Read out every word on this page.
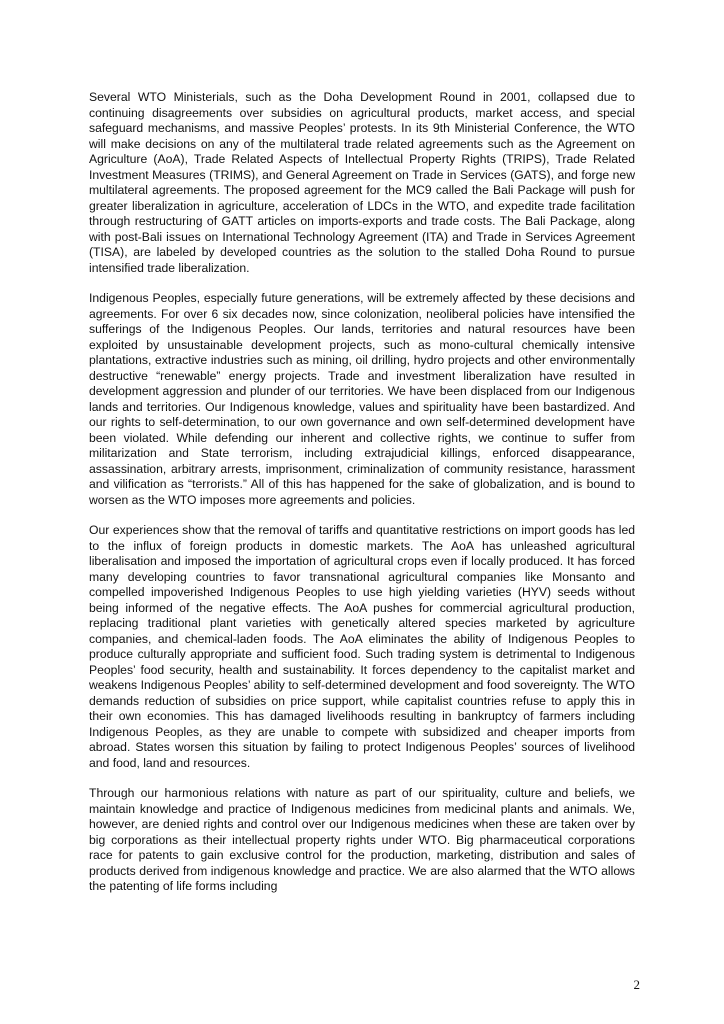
Several WTO Ministerials, such as the Doha Development Round in 2001, collapsed due to continuing disagreements over subsidies on agricultural products, market access, and special safeguard mechanisms, and massive Peoples’ protests. In its 9th Ministerial Conference, the WTO will make decisions on any of the multilateral trade related agreements such as the Agreement on Agriculture (AoA), Trade Related Aspects of Intellectual Property Rights (TRIPS), Trade Related Investment Measures (TRIMS), and General Agreement on Trade in Services (GATS), and forge new multilateral agreements. The proposed agreement for the MC9 called the Bali Package will push for greater liberalization in agriculture, acceleration of LDCs in the WTO, and expedite trade facilitation through restructuring of GATT articles on imports-exports and trade costs. The Bali Package, along with post-Bali issues on International Technology Agreement (ITA) and Trade in Services Agreement (TISA), are labeled by developed countries as the solution to the stalled Doha Round to pursue intensified trade liberalization.

Indigenous Peoples, especially future generations, will be extremely affected by these decisions and agreements. For over 6 six decades now, since colonization, neoliberal policies have intensified the sufferings of the Indigenous Peoples. Our lands, territories and natural resources have been exploited by unsustainable development projects, such as mono-cultural chemically intensive plantations, extractive industries such as mining, oil drilling, hydro projects and other environmentally destructive “renewable” energy projects. Trade and investment liberalization have resulted in development aggression and plunder of our territories. We have been displaced from our Indigenous lands and territories. Our Indigenous knowledge, values and spirituality have been bastardized. And our rights to self-determination, to our own governance and own self-determined development have been violated. While defending our inherent and collective rights, we continue to suffer from militarization and State terrorism, including extrajudicial killings, enforced disappearance, assassination, arbitrary arrests, imprisonment, criminalization of community resistance, harassment and vilification as “terrorists.” All of this has happened for the sake of globalization, and is bound to worsen as the WTO imposes more agreements and policies.

Our experiences show that the removal of tariffs and quantitative restrictions on import goods has led to the influx of foreign products in domestic markets. The AoA has unleashed agricultural liberalisation and imposed the importation of agricultural crops even if locally produced. It has forced many developing countries to favor transnational agricultural companies like Monsanto and compelled impoverished Indigenous Peoples to use high yielding varieties (HYV) seeds without being informed of the negative effects. The AoA pushes for commercial agricultural production, replacing traditional plant varieties with genetically altered species marketed by agriculture companies, and chemical-laden foods. The AoA eliminates the ability of Indigenous Peoples to produce culturally appropriate and sufficient food. Such trading system is detrimental to Indigenous Peoples’ food security, health and sustainability. It forces dependency to the capitalist market and weakens Indigenous Peoples’ ability to self-determined development and food sovereignty. The WTO demands reduction of subsidies on price support, while capitalist countries refuse to apply this in their own economies. This has damaged livelihoods resulting in bankruptcy of farmers including Indigenous Peoples, as they are unable to compete with subsidized and cheaper imports from abroad. States worsen this situation by failing to protect Indigenous Peoples’ sources of livelihood and food, land and resources.

Through our harmonious relations with nature as part of our spirituality, culture and beliefs, we maintain knowledge and practice of Indigenous medicines from medicinal plants and animals. We, however, are denied rights and control over our Indigenous medicines when these are taken over by big corporations as their intellectual property rights under WTO. Big pharmaceutical corporations race for patents to gain exclusive control for the production, marketing, distribution and sales of products derived from indigenous knowledge and practice. We are also alarmed that the WTO allows the patenting of life forms including

2
